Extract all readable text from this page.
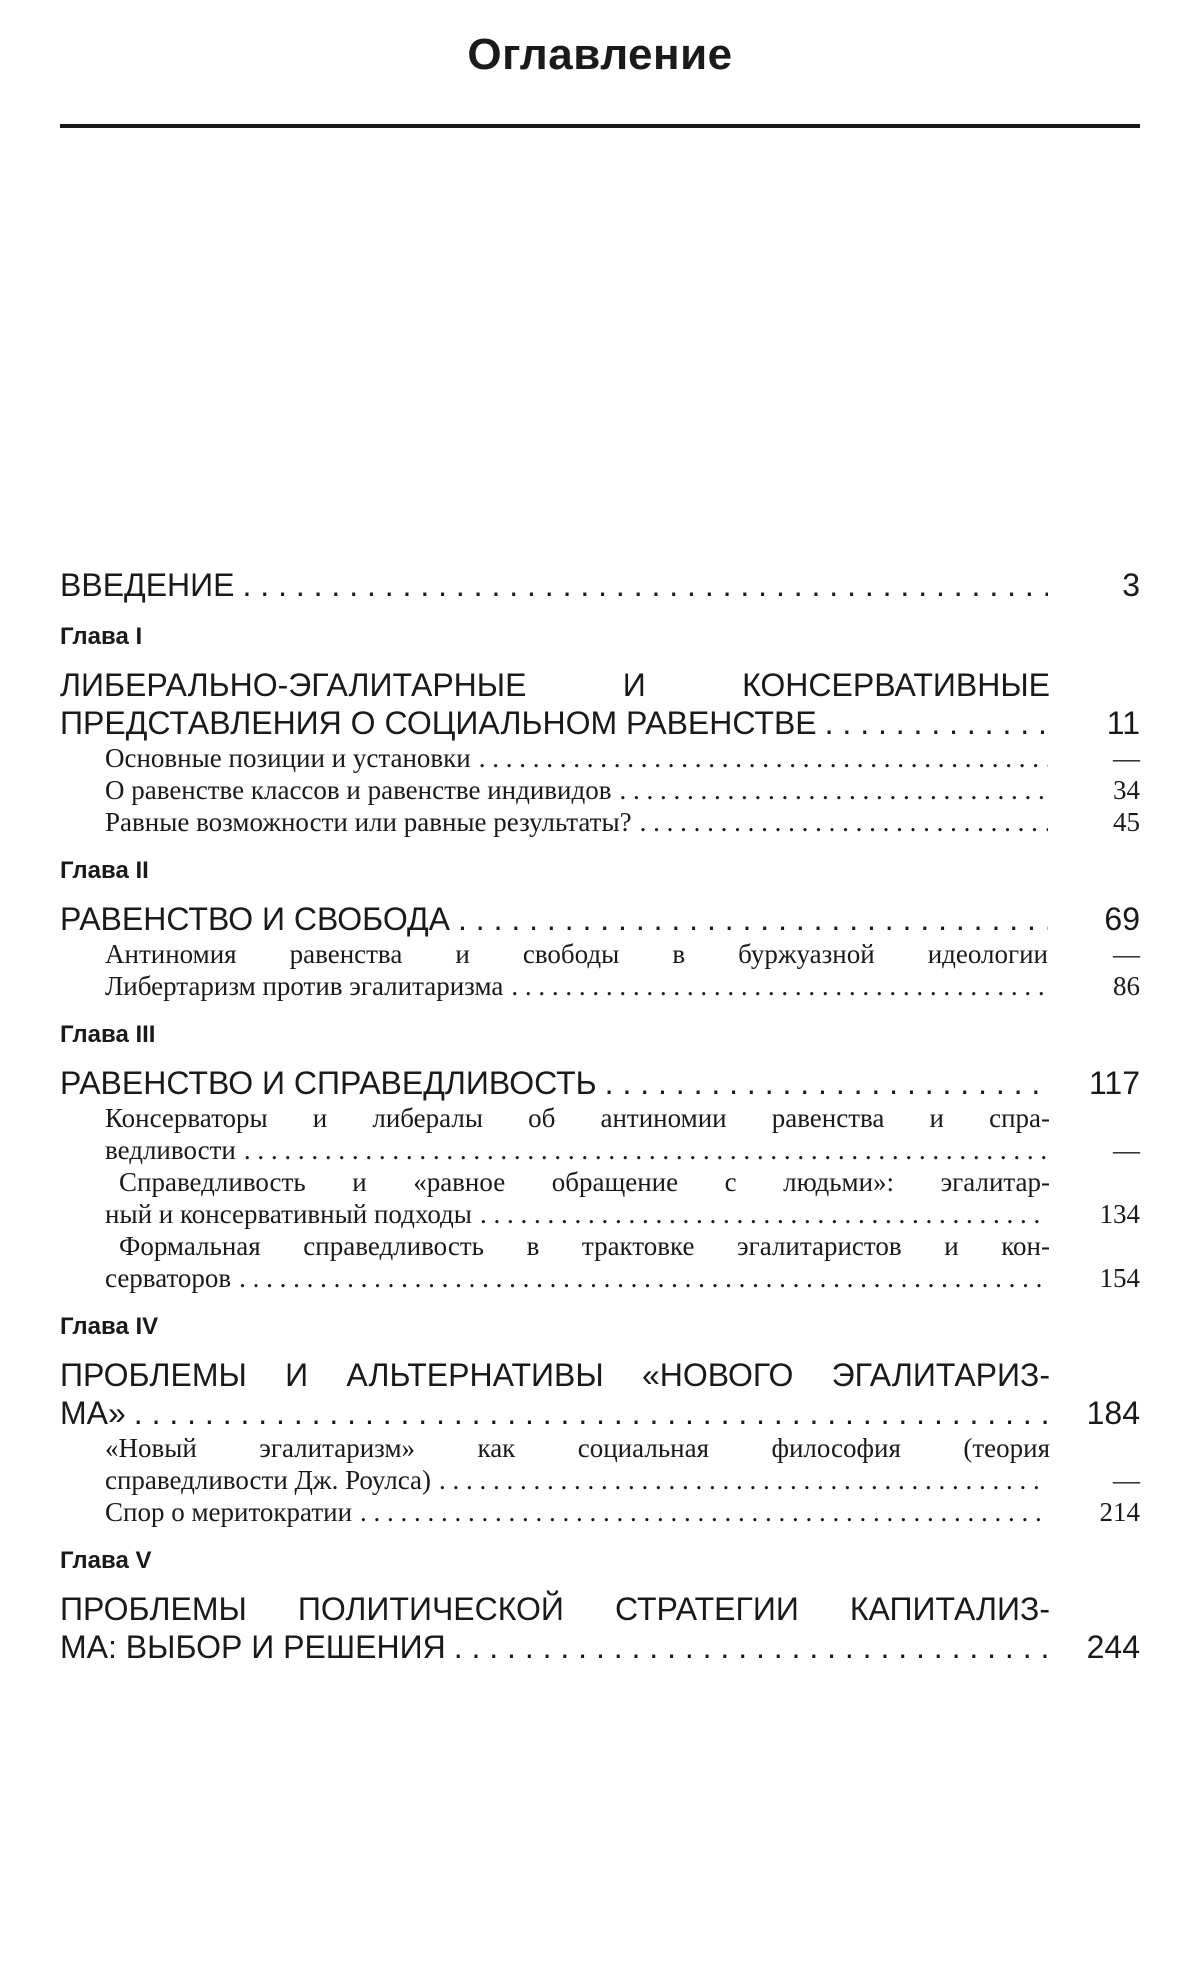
Оглавление
ВВЕДЕНИЕ . . .	3
Глава I
ЛИБЕРАЛЬНО-ЭГАЛИТАРНЫЕ И КОНСЕРВАТИВНЫЕ
ПРЕДСТАВЛЕНИЯ О СОЦИАЛЬНОМ РАВЕНСТВЕ . . .	11
Основные позиции и установки . . .	—
О равенстве классов и равенстве индивидов . . .	34
Равные возможности или равные результаты? . . .	45
Глава II
РАВЕНСТВО И СВОБОДА . . .	69
Антиномия равенства и свободы в буржуазной идеологии	—
Либертаризм против эгалитаризма . . .	86
Глава III
РАВЕНСТВО И СПРАВЕДЛИВОСТЬ . . .	117
Консерваторы и либералы об антиномии равенства и спра-
ведливости . . .	—
Справедливость и «равное обращение с людьми»: эгалитар-
ный и консервативный подходы . . .	134
Формальная справедливость в трактовке эгалитаристов и кон-
серваторов . . .	154
Глава IV
ПРОБЛЕМЫ И АЛЬТЕРНАТИВЫ «НОВОГО ЭГАЛИТАРИЗ-
МА» . . .	184
«Новый эгалитаризм» как социальная философия (теория
справедливости Дж. Роулса) . . .	—
Спор о меритократии . . .	214
Глава V
ПРОБЛЕМЫ ПОЛИТИЧЕСКОЙ СТРАТЕГИИ КАПИТАЛИЗ-
МА: ВЫБОР И РЕШЕНИЯ . . .	244
